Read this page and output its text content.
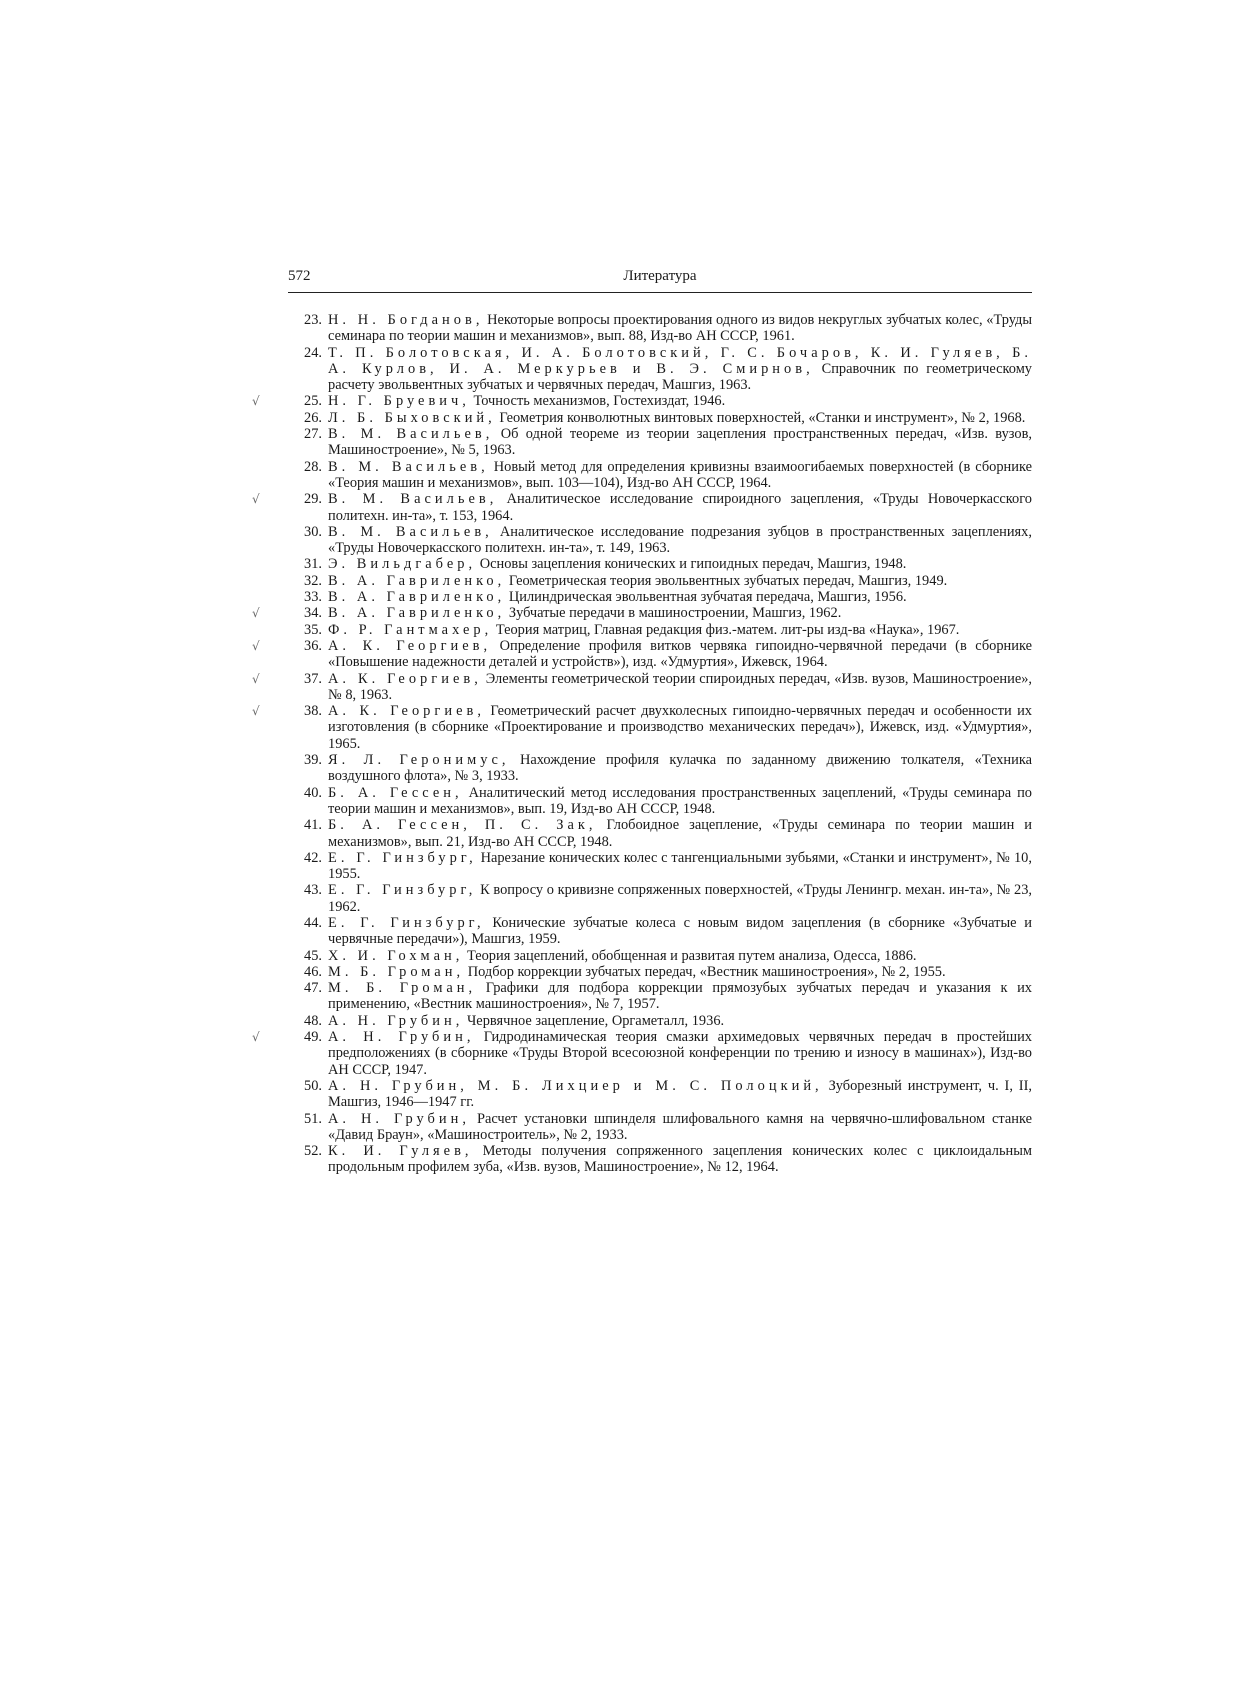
572	Литература
23. Н. Н. Богданов, Некоторые вопросы проектирования одного из видов некруглых зубчатых колес, «Труды семинара по теории машин и механизмов», вып. 88, Изд-во АН СССР, 1961.
24. Т. П. Болотовская, И. А. Болотовский, Г. С. Бочаров, К. И. Гуляев, Б. А. Курлов, И. А. Меркурьев и В. Э. Смирнов, Справочник по геометрическому расчету эвольвентных зубчатых и червячных передач, Машгиз, 1963.
√	25. Н. Г. Бруевич, Точность механизмов, Гостехиздат, 1946.
26. Л. Б. Быховский, Геометрия конволютных винтовых поверхностей, «Станки и инструмент», № 2, 1968.
27. В. М. Васильев, Об одной теореме из теории зацепления пространственных передач, «Изв. вузов, Машиностроение», № 5, 1963.
28. В. М. Васильев, Новый метод для определения кривизны взаимоогибаемых поверхностей (в сборнике «Теория машин и механизмов», вып. 103—104), Изд-во АН СССР, 1964.
√	29. В. М. Васильев, Аналитическое исследование спироидного зацепления, «Труды Новочеркасского политехн. ин-та», т. 153, 1964.
30. В. М. Васильев, Аналитическое исследование подрезания зубцов в пространственных зацеплениях, «Труды Новочеркасского политехн. ин-та», т. 149, 1963.
31. Э. Вильдгабер, Основы зацепления конических и гипоидных передач, Машгиз, 1948.
32. В. А. Гавриленко, Геометрическая теория эвольвентных зубчатых передач, Машгиз, 1949.
33. В. А. Гавриленко, Цилиндрическая эвольвентная зубчатая передача, Машгиз, 1956.
√	34. В. А. Гавриленко, Зубчатые передачи в машиностроении, Машгиз, 1962.
35. Ф. Р. Гантмахер, Теория матриц, Главная редакция физ.-матем. лит-ры изд-ва «Наука», 1967.
√	36. А. К. Георгиев, Определение профиля витков червяка гипоидно-червячной передачи (в сборнике «Повышение надежности деталей и устройств»), изд. «Удмуртия», Ижевск, 1964.
√	37. А. К. Георгиев, Элементы геометрической теории спироидных передач, «Изв. вузов, Машиностроение», № 8, 1963.
√	38. А. К. Георгиев, Геометрический расчет двухколесных гипоидно-червячных передач и особенности их изготовления (в сборнике «Проектирование и производство механических передач»), Ижевск, изд. «Удмуртия», 1965.
39. Я. Л. Геронимус, Нахождение профиля кулачка по заданному движению толкателя, «Техника воздушного флота», № 3, 1933.
40. Б. А. Гессен, Аналитический метод исследования пространственных зацеплений, «Труды семинара по теории машин и механизмов», вып. 19, Изд-во АН СССР, 1948.
41. Б. А. Гессен, П. С. Зак, Глобоидное зацепление, «Труды семинара по теории машин и механизмов», вып. 21, Изд-во АН СССР, 1948.
42. Е. Г. Гинзбург, Нарезание конических колес с тангенциальными зубьями, «Станки и инструмент», № 10, 1955.
43. Е. Г. Гинзбург, К вопросу о кривизне сопряженных поверхностей, «Труды Ленингр. механ. ин-та», № 23, 1962.
44. Е. Г. Гинзбург, Конические зубчатые колеса с новым видом зацепления (в сборнике «Зубчатые и червячные передачи»), Машгиз, 1959.
45. Х. И. Гохман, Теория зацеплений, обобщенная и развитая путем анализа, Одесса, 1886.
46. М. Б. Громан, Подбор коррекции зубчатых передач, «Вестник машиностроения», № 2, 1955.
47. М. Б. Громан, Графики для подбора коррекции прямозубых зубчатых передач и указания к их применению, «Вестник машиностроения», № 7, 1957.
48. А. Н. Грубин, Червячное зацепление, Оргаметалл, 1936.
√	49. А. Н. Грубин, Гидродинамическая теория смазки архимедовых червячных передач в простейших предположениях (в сборнике «Труды Второй всесоюзной конференции по трению и износу в машинах»), Изд-во АН СССР, 1947.
50. А. Н. Грубин, М. Б. Лихциер и М. С. Полоцкий, Зуборезный инструмент, ч. I, II, Машгиз, 1946—1947 гг.
51. А. Н. Грубин, Расчет установки шпинделя шлифовального камня на червячно-шлифовальном станке «Давид Браун», «Машиностроитель», № 2, 1933.
52. К. И. Гуляев, Методы получения сопряженного зацепления конических колес с циклоидальным продольным профилем зуба, «Изв. вузов, Машиностроение», № 12, 1964.
